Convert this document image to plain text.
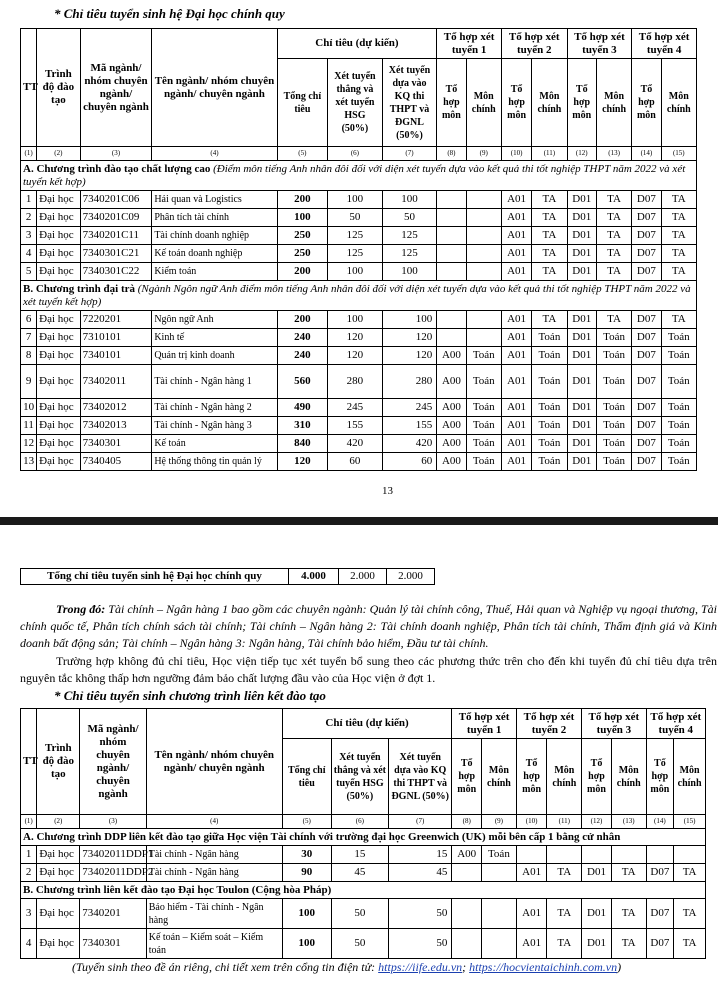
* Chỉ tiêu tuyển sinh hệ Đại học chính quy
TT	Trình độ đào tạo	Mã ngành/ nhóm chuyên ngành/ chuyên ngành	Tên ngành/ nhóm chuyên ngành/ chuyên ngành	Chỉ tiêu (dự kiến)			Tổ hợp xét tuyển 1		Tổ hợp xét tuyển 2		Tổ hợp xét tuyển 3		Tổ hợp xét tuyển 4	
				Tổng chỉ tiêu	Xét tuyển thẳng và xét tuyển HSG (50%)	Xét tuyển dựa vào KQ thi THPT và ĐGNL (50%)	Tổ hợp môn	Môn chính	Tổ hợp môn	Môn chính	Tổ hợp môn	Môn chính	Tổ hợp môn	Môn chính
(1)	(2)	(3)	(4)	(5)	(6)	(7)	(8)	(9)	(10)	(11)	(12)	(13)	(14)	(15)
A. Chương trình đào tạo chất lượng cao (Điểm môn tiếng Anh nhân đôi đối với diện xét tuyển dựa vào kết quả thi tốt nghiệp THPT năm 2022 và xét tuyển kết hợp)														
1	Đại học	7340201C06	Hải quan và Logistics	200	100	100			A01	TA	D01	TA	D07	TA
2	Đại học	7340201C09	Phân tích tài chính	100	50	50			A01	TA	D01	TA	D07	TA
3	Đại học	7340201C11	Tài chính doanh nghiệp	250	125	125			A01	TA	D01	TA	D07	TA
4	Đại học	7340301C21	Kế toán doanh nghiệp	250	125	125			A01	TA	D01	TA	D07	TA
5	Đại học	7340301C22	Kiểm toán	200	100	100			A01	TA	D01	TA	D07	TA
B. Chương trình đại trà (Ngành Ngôn ngữ Anh điểm môn tiếng Anh nhân đôi đối với diện xét tuyển dựa vào kết quả thi tốt nghiệp THPT năm 2022 và xét tuyển kết hợp)														
6	Đại học	7220201	Ngôn ngữ Anh	200	100	100			A01	TA	D01	TA	D07	TA
7	Đại học	7310101	Kinh tế	240	120	120			A01	Toán	D01	Toán	D07	Toán
8	Đại học	7340101	Quản trị kinh doanh	240	120	120	A00	Toán	A01	Toán	D01	Toán	D07	Toán
9	Đại học	73402011	Tài chính - Ngân hàng 1	560	280	280	A00	Toán	A01	Toán	D01	Toán	D07	Toán
10	Đại học	73402012	Tài chính - Ngân hàng 2	490	245	245	A00	Toán	A01	Toán	D01	Toán	D07	Toán
11	Đại học	73402013	Tài chính - Ngân hàng 3	310	155	155	A00	Toán	A01	Toán	D01	Toán	D07	Toán
12	Đại học	7340301	Kế toán	840	420	420	A00	Toán	A01	Toán	D01	Toán	D07	Toán
13	Đại học	7340405	Hệ thống thông tin quản lý	120	60	60	A00	Toán	A01	Toán	D01	Toán	D07	Toán
13
Tổng chỉ tiêu tuyển sinh hệ Đại học chính quy	4.000	2.000	2.000
Trong đó: Tài chính – Ngân hàng 1 bao gồm các chuyên ngành: Quản lý tài chính công, Thuế, Hải quan và Nghiệp vụ ngoại thương, Tài chính quốc tế, Phân tích chính sách tài chính; Tài chính – Ngân hàng 2: Tài chính doanh nghiệp, Phân tích tài chính, Thẩm định giá và Kinh doanh bất động sản; Tài chính – Ngân hàng 3: Ngân hàng, Tài chính bảo hiểm, Đầu tư tài chính.
Trường hợp không đủ chỉ tiêu, Học viện tiếp tục xét tuyển bổ sung theo các phương thức trên cho đến khi tuyển đủ chỉ tiêu dựa trên nguyên tắc không thấp hơn ngưỡng đảm bảo chất lượng đầu vào của Học viện ở đợt 1.
* Chỉ tiêu tuyển sinh chương trình liên kết đào tạo
TT	Trình độ đào tạo	Mã ngành/ nhóm chuyên ngành/ chuyên ngành	Tên ngành/ nhóm chuyên ngành/ chuyên ngành	Chỉ tiêu (dự kiến)			Tổ hợp xét tuyển 1		Tổ hợp xét tuyển 2		Tổ hợp xét tuyển 3		Tổ hợp xét tuyển 4	
				Tổng chỉ tiêu	Xét tuyển thẳng và xét tuyển HSG (50%)	Xét tuyển dựa vào KQ thi THPT và ĐGNL (50%)	Tổ hợp môn	Môn chính	Tổ hợp môn	Môn chính	Tổ hợp môn	Môn chính	Tổ hợp môn	Môn chính
(1)	(2)	(3)	(4)	(5)	(6)	(7)	(8)	(9)	(10)	(11)	(12)	(13)	(14)	(15)
A. Chương trình DDP liên kết đào tạo giữa Học viện Tài chính với trường đại học Greenwich (UK) mỗi bên cấp 1 bằng cử nhân														
1	Đại học	73402011DDP1	Tài chính - Ngân hàng	30	15	15	A00	Toán						
2	Đại học	73402011DDP2	Tài chính - Ngân hàng	90	45	45			A01	TA	D01	TA	D07	TA
B. Chương trình liên kết đào tạo Đại học Toulon (Cộng hòa Pháp)														
3	Đại học	7340201	Bảo hiểm - Tài chính - Ngân hàng	100	50	50			A01	TA	D01	TA	D07	TA
4	Đại học	7340301	Kế toán – Kiểm soát – Kiểm toán	100	50	50			A01	TA	D01	TA	D07	TA
(Tuyển sinh theo đề án riêng, chi tiết xem trên cổng tin điện tử: https://iife.edu.vn; https://hocvientaichinh.com.vn)
